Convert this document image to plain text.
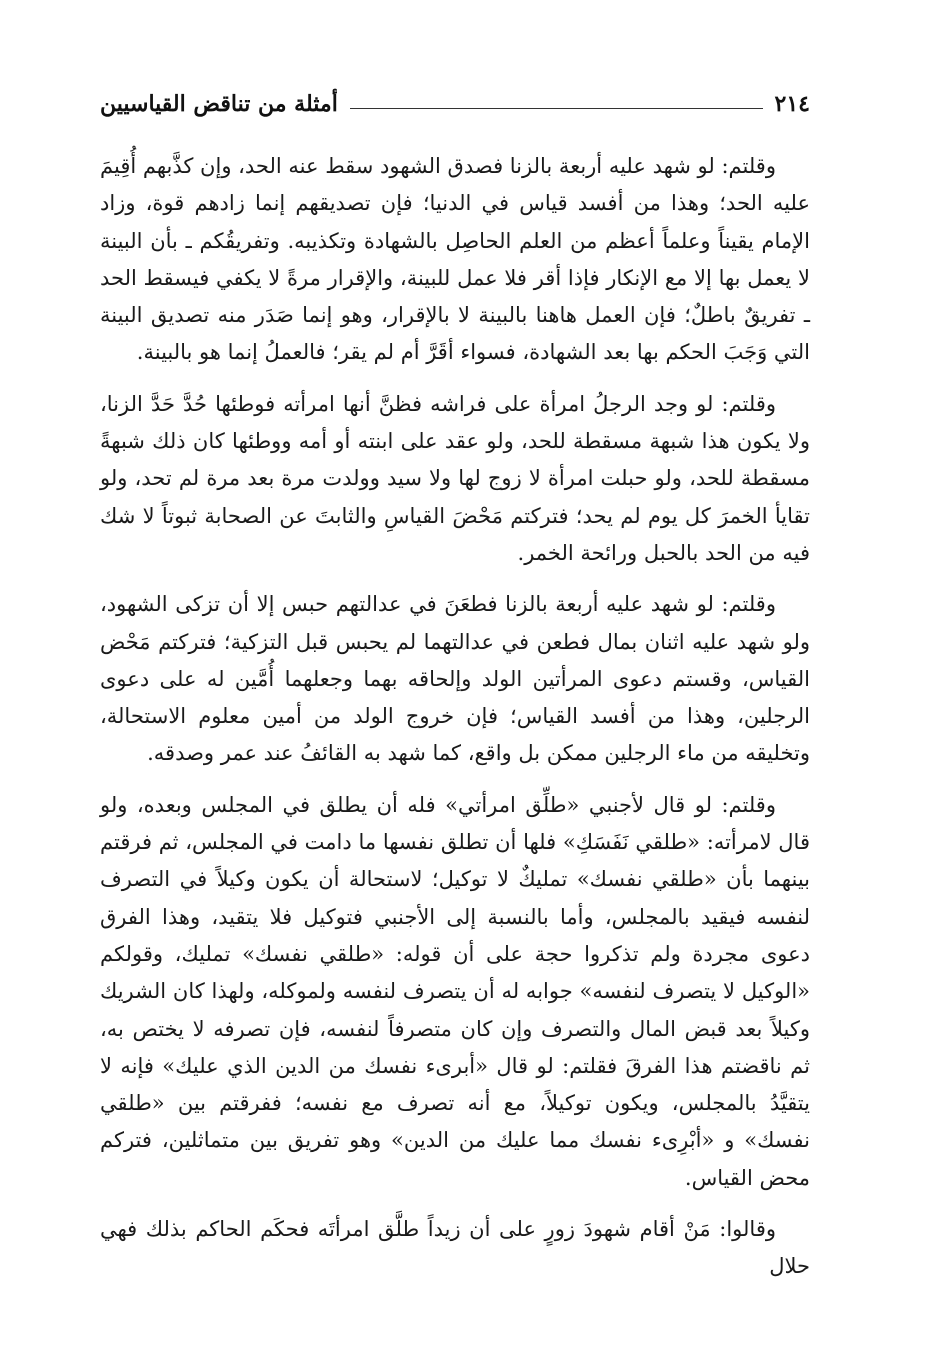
٢١٤
أمثلة من تناقض القياسيين

وقلتم: لو شهد عليه أربعة بالزنا فصدق الشهود سقط عنه الحد، وإن كذَّبهم أُقِيمَ عليه الحد؛ وهذا من أفسد قياس في الدنيا؛ فإن تصديقهم إنما زادهم قوة، وزاد الإمام يقيناً وعلماً أعظم من العلم الحاصِل بالشهادة وتكذيبه. وتفريقُكم ـ بأن البينة لا يعمل بها إلا مع الإنكار فإذا أقر فلا عمل للبينة، والإقرار مرةً لا يكفي فيسقط الحد ـ تفريقٌ باطلٌ؛ فإن العمل هاهنا بالبينة لا بالإقرار، وهو إنما صَدَر منه تصديق البينة التي وَجَبَ الحكم بها بعد الشهادة، فسواء أقَرَّ أم لم يقر؛ فالعملُ إنما هو بالبينة.

وقلتم: لو وجد الرجلُ امرأة على فراشه فظنَّ أنها امرأته فوطئها حُدَّ حَدَّ الزنا، ولا يكون هذا شبهة مسقطة للحد، ولو عقد على ابنته أو أمه ووطئها كان ذلك شبهةً مسقطة للحد، ولو حبلت امرأة لا زوج لها ولا سيد وولدت مرة بعد مرة لم تحد، ولو تقايأ الخمرَ كل يوم لم يحد؛ فتركتم مَحْضَ القياسِ والثابتَ عن الصحابة ثبوتاً لا شك فيه من الحد بالحبل ورائحة الخمر.

وقلتم: لو شهد عليه أربعة بالزنا فطعَنَ في عدالتهم حبس إلا أن تزكى الشهود، ولو شهد عليه اثنان بمال فطعن في عدالتهما لم يحبس قبل التزكية؛ فتركتم مَحْض القياس، وقستم دعوى المرأتين الولد وإلحاقه بهما وجعلهما أُمَّين له على دعوى الرجلين، وهذا من أفسد القياس؛ فإن خروج الولد من أمين معلوم الاستحالة، وتخليقه من ماء الرجلين ممكن بل واقع، كما شهد به القائفُ عند عمر وصدقه.

وقلتم: لو قال لأجنبي «طلِّق امرأتي» فله أن يطلق في المجلس وبعده، ولو قال لامرأته: «طلقي نَفَسَكِ» فلها أن تطلق نفسها ما دامت في المجلس، ثم فرقتم بينهما بأن «طلقي نفسك» تمليكٌ لا توكيل؛ لاستحالة أن يكون وكيلاً في التصرف لنفسه فيقيد بالمجلس، وأما بالنسبة إلى الأجنبي فتوكيل فلا يتقيد، وهذا الفرق دعوى مجردة ولم تذكروا حجة على أن قوله: «طلقي نفسك» تمليك، وقولكم «الوكيل لا يتصرف لنفسه» جوابه له أن يتصرف لنفسه ولموكله، ولهذا كان الشريك وكيلاً بعد قبض المال والتصرف وإن كان متصرفاً لنفسه، فإن تصرفه لا يختص به، ثم ناقضتم هذا الفرقَ فقلتم: لو قال «أبرىء نفسك من الدين الذي عليك» فإنه لا يتقيَّدُ بالمجلس، ويكون توكيلاً، مع أنه تصرف مع نفسه؛ ففرقتم بين «طلقي نفسك» و «أبْرِىء نفسك مما عليك من الدين» وهو تفريق بين متماثلين، فتركم محض القياس.

وقالوا: مَنْ أقام شهودَ زورٍ على أن زيداً طلَّق امرأتَه فحكَم الحاكم بذلك فهي حلال
